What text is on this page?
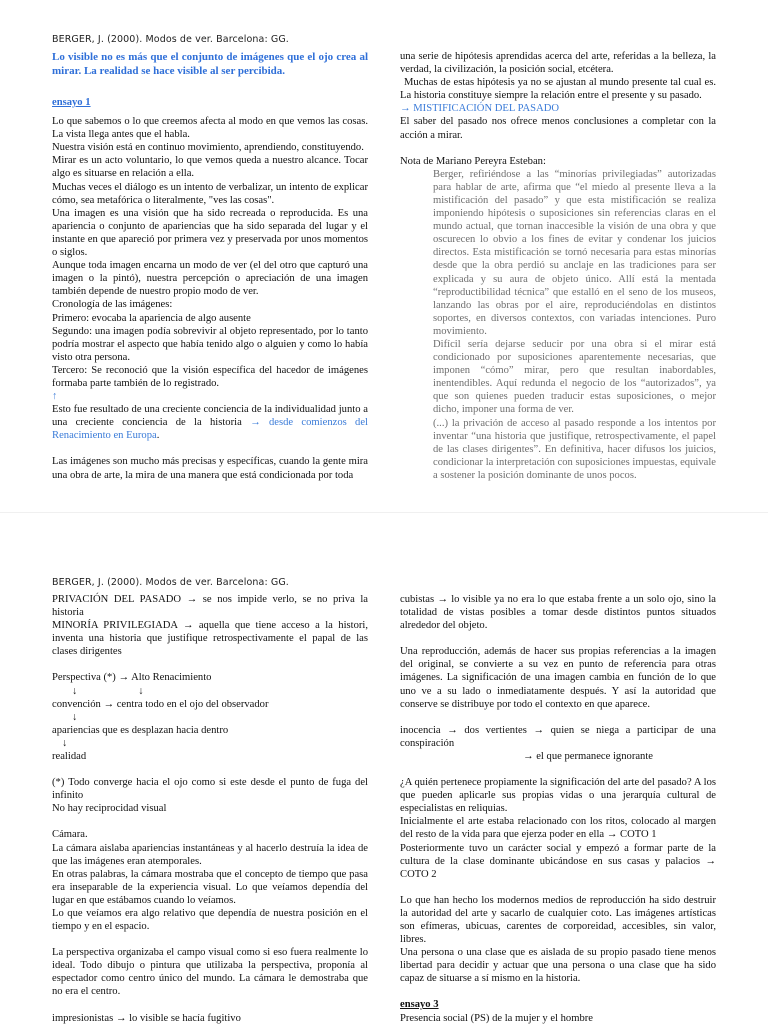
BERGER, J. (2000). Modos de ver. Barcelona: GG.

Lo visible no es más que el conjunto de imágenes que el ojo crea al mirar. La realidad se hace visible al ser percibida.

ensayo 1

Lo que sabemos o lo que creemos afecta al modo en que vemos las cosas. La vista llega antes que el habla.

Nuestra visión está en continuo movimiento, aprendiendo, constituyendo.

Mirar es un acto voluntario, lo que vemos queda a nuestro alcance. Tocar algo es situarse en relación a ella.

Muchas veces el diálogo es un intento de verbalizar, un intento de explicar cómo, sea metafórica o literalmente, "ves las cosas".

Una imagen es una visión que ha sido recreada o reproducida. Es una apariencia o conjunto de apariencias que ha sido separada del lugar y el instante en que apareció por primera vez y preservada por unos momentos o siglos.

Aunque toda imagen encarna un modo de ver (el del otro que capturó una imagen o la pintó), nuestra percepción o apreciación de una imagen también depende de nuestro propio modo de ver.

Cronología de las imágenes:

Primero: evocaba la apariencia de algo ausente

Segundo: una imagen podía sobrevivir al objeto representado, por lo tanto podría mostrar el aspecto que había tenido algo o alguien y como lo había visto otra persona.

Tercero: Se reconoció que la visión específica del hacedor de imágenes formaba parte también de lo registrado.

↑

Esto fue resultado de una creciente conciencia de la individualidad junto a una creciente conciencia de la historia → desde comienzos del Renacimiento en Europa.

Las imágenes son mucho más precisas y específicas, cuando la gente mira una obra de arte, la mira de una manera que está condicionada por toda

una serie de hipótesis aprendidas acerca del arte, referidas a la belleza, la verdad, la civilización, la posición social, etcétera.

Muchas de estas hipótesis ya no se ajustan al mundo presente tal cual es. La historia constituye siempre la relación entre el presente y su pasado.

→ MISTIFICACIÓN DEL PASADO

El saber del pasado nos ofrece menos conclusiones a completar con la acción a mirar.

Nota de Mariano Pereyra Esteban:

Berger, refiriéndose a las “minorías privilegiadas” autorizadas para hablar de arte, afirma que “el miedo al presente lleva a la mistificación del pasado” y que esta mistificación se realiza imponiendo hipótesis o suposiciones sin referencias claras en el mundo actual, que tornan inaccesible la visión de una obra y que oscurecen lo obvio a los fines de evitar y condenar los juicios directos. Esta mistificación se tornó necesaria para estas minorías desde que la obra perdió su anclaje en las tradiciones para ser explicada y su aura de objeto único. Allí está la mentada “reproductibilidad técnica” que estalló en el seno de los museos, lanzando las obras por el aire, reproduciéndolas en distintos soportes, en diversos contextos, con variadas intenciones. Puro movimiento.

Difícil sería dejarse seducir por una obra si el mirar está condicionado por suposiciones aparentemente necesarias, que imponen “cómo” mirar, pero que resultan inabordables, inentendibles. Aquí redunda el negocio de los “autorizados”, ya que son quienes pueden traducir estas suposiciones, o mejor dicho, imponer una forma de ver.

(...) la privación de acceso al pasado responde a los intentos por inventar “una historia que justifique, retrospectivamente, el papel de las clases dirigentes”. En definitiva, hacer difusos los juicios, condicionar la interpretación con suposiciones impuestas, equivale a sostener la posición dominante de unos pocos.

BERGER, J. (2000). Modos de ver. Barcelona: GG.

PRIVACIÓN DEL PASADO → se nos impide verlo, se no priva la historia

MINORÍA PRIVILEGIADA → aquella que tiene acceso a la histori, inventa una historia que justifique retrospectivamente el papal de las clases dirigentes

Perspectiva (*) → Alto Renacimiento

↓                       ↓

convención → centra todo en el ojo del observador

↓

apariencias que es desplazan hacia dentro

↓

realidad

(*) Todo converge hacia el ojo como si este desde el punto de fuga del infinito

No hay reciprocidad visual

Cámara.

La cámara aislaba apariencias instantáneas y al hacerlo destruía la idea de que las imágenes eran atemporales.

En otras palabras, la cámara mostraba que el concepto de tiempo que pasa era inseparable de la experiencia visual. Lo que veíamos dependía del lugar en que estábamos cuando lo veíamos.

Lo que veíamos era algo relativo que dependía de nuestra posición en el tiempo y en el espacio.

La perspectiva organizaba el campo visual como si eso fuera realmente lo ideal. Todo dibujo o pintura que utilizaba la perspectiva, proponía al espectador como centro único del mundo. La cámara le demostraba que no era el centro.

impresionistas → lo visible se hacía fugitivo

cubistas → lo visible ya no era lo que estaba frente a un solo ojo, sino la totalidad de vistas posibles a tomar desde distintos puntos situados alrededor del objeto.

Una reproducción, además de hacer sus propias referencias a la imagen del original, se convierte a su vez en punto de referencia para otras imágenes. La significación de una imagen cambia en función de lo que uno ve a su lado o inmediatamente después. Y así la autoridad que conserve se distribuye por todo el contexto en que aparece.

inocencia → dos vertientes → quien se niega a participar de una conspiración

→ el que permanece ignorante

¿A quién pertenece propiamente la significación del arte del pasado? A los que pueden aplicarle sus propias vidas o una jerarquía cultural de especialistas en reliquias.

Inicialmente el arte estaba relacionado con los ritos, colocado al margen del resto de la vida para que ejerza poder en ella → COTO 1

Posteriormente tuvo un carácter social y empezó a formar parte de la cultura de la clase dominante ubicándose en sus casas y palacios → COTO 2

Lo que han hecho los modernos medios de reproducción ha sido destruir la autoridad del arte y sacarlo de cualquier coto. Las imágenes artísticas son efímeras, ubicuas, carentes de corporeidad, accesibles, sin valor, libres.

Una persona o una clase que es aislada de su propio pasado tiene menos libertad para decidir y actuar que una persona o una clase que ha sido capaz de situarse a sí mismo en la historia.

ensayo 3

Presencia social (PS) de la mujer y el hombre
